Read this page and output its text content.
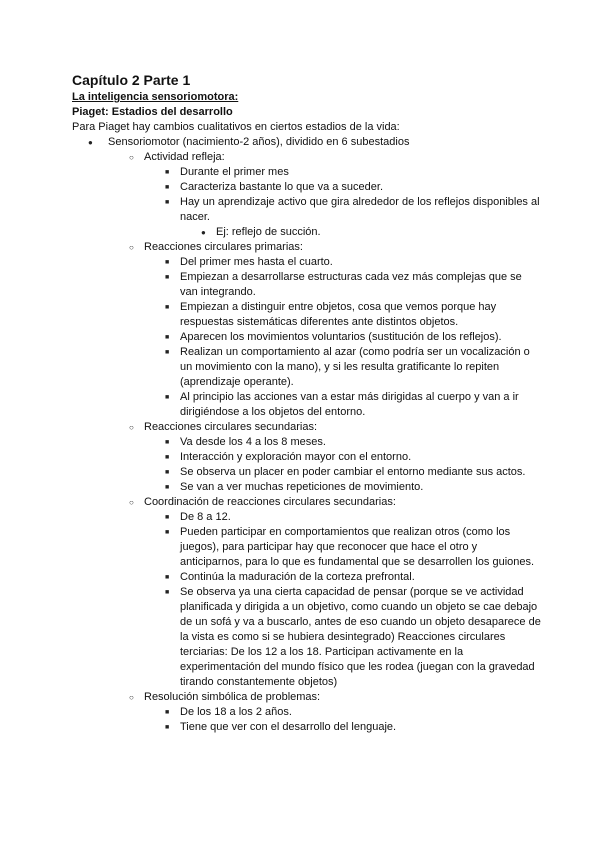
Capítulo 2 Parte 1

La inteligencia sensoriomotora:

Piaget: Estadios del desarrollo

Para Piaget hay cambios cualitativos en ciertos estadios de la vida:

● Sensoriomotor (nacimiento-2 años), dividido en 6 subestadios
○ Actividad refleja:
■ Durante el primer mes
■ Caracteriza bastante lo que va a suceder.
■ Hay un aprendizaje activo que gira alrededor de los reflejos disponibles al nacer.
● Ej: reflejo de succión.
○ Reacciones circulares primarias:
■ Del primer mes hasta el cuarto.
■ Empiezan a desarrollarse estructuras cada vez más complejas que se van integrando.
■ Empiezan a distinguir entre objetos, cosa que vemos porque hay respuestas sistemáticas diferentes ante distintos objetos.
■ Aparecen los movimientos voluntarios (sustitución de los reflejos).
■ Realizan un comportamiento al azar (como podría ser un vocalización o un movimiento con la mano), y si les resulta gratificante lo repiten (aprendizaje operante).
■ Al principio las acciones van a estar más dirigidas al cuerpo y van a ir dirigiéndose a los objetos del entorno.
○ Reacciones circulares secundarias:
■ Va desde los 4 a los 8 meses.
■ Interacción y exploración mayor con el entorno.
■ Se observa un placer en poder cambiar el entorno mediante sus actos.
■ Se van a ver muchas repeticiones de movimiento.
○ Coordinación de reacciones circulares secundarias:
■ De 8 a 12.
■ Pueden participar en comportamientos que realizan otros (como los juegos), para participar hay que reconocer que hace el otro y anticiparnos, para lo que es fundamental que se desarrollen los guiones.
■ Continúa la maduración de la corteza prefrontal.
■ Se observa ya una cierta capacidad de pensar (porque se ve actividad planificada y dirigida a un objetivo, como cuando un objeto se cae debajo de un sofá y va a buscarlo, antes de eso cuando un objeto desaparece de la vista es como si se hubiera desintegrado) Reacciones circulares terciarias: De los 12 a los 18. Participan activamente en la experimentación del mundo físico que les rodea (juegan con la gravedad tirando constantemente objetos)
○ Resolución simbólica de problemas:
■ De los 18 a los 2 años.
■ Tiene que ver con el desarrollo del lenguaje.
